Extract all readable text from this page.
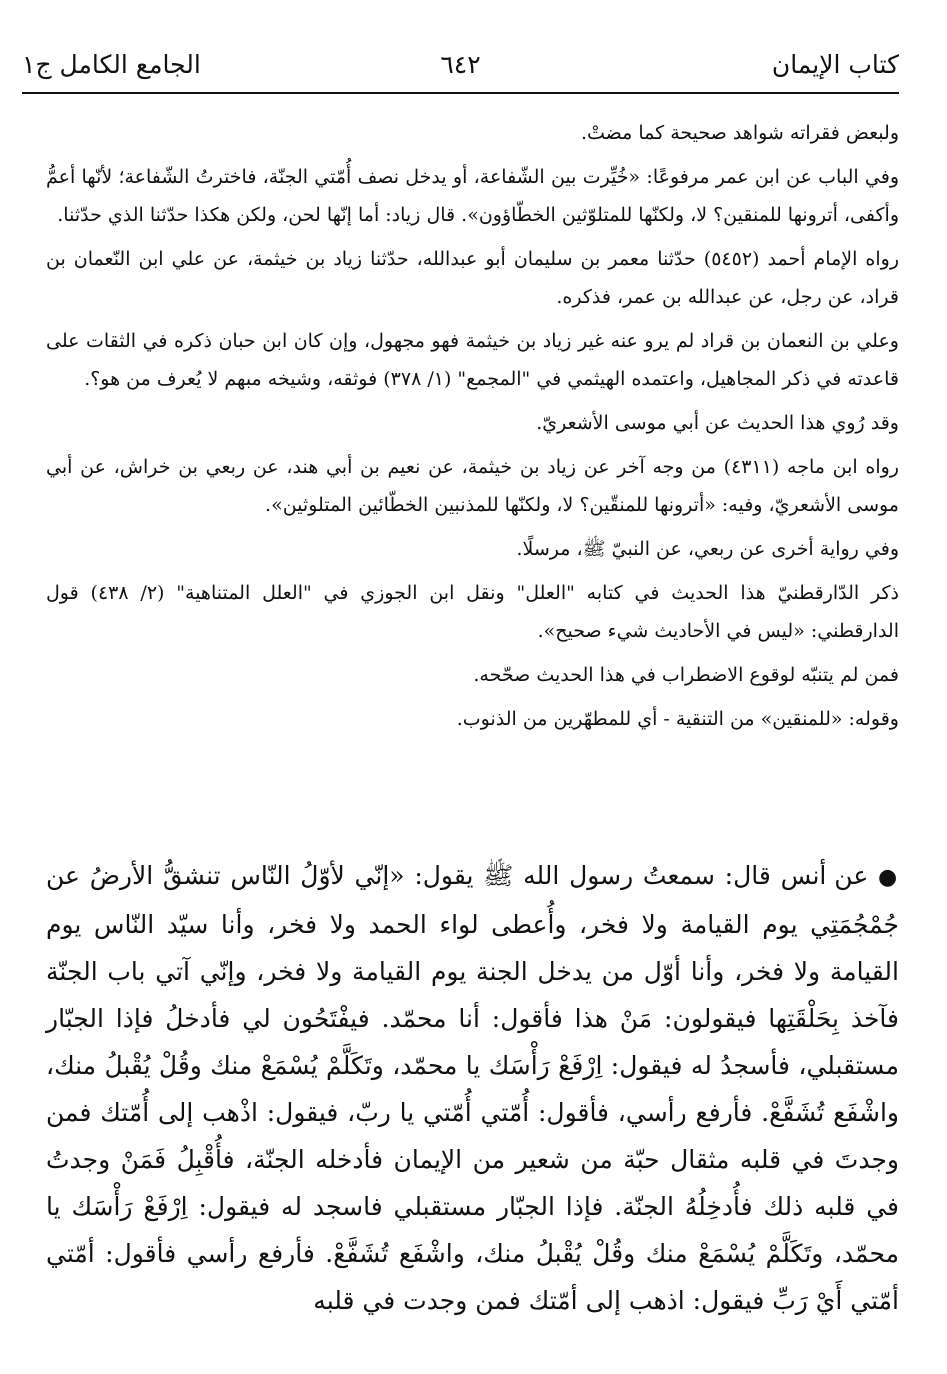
كتاب الإيمان
٦٤٢
الجامع الكامل ج١

ولبعض فقراته شواهد صحيحة كما مضتْ.

وفي الباب عن ابن عمر مرفوعًا: «خُيِّرت بين الشّفاعة، أو يدخل نصف أُمّتي الجنّة، فاخترتُ الشّفاعة؛ لأنّها أعمُّ وأكفى، أترونها للمنقين؟ لا، ولكنّها للمتلوّثين الخطّاؤون». قال زياد: أما إنّها لحن، ولكن هكذا حدّثنا الذي حدّثنا.

رواه الإمام أحمد (٥٤٥٢) حدّثنا معمر بن سليمان أبو عبدالله، حدّثنا زياد بن خيثمة، عن علي ابن النّعمان بن قراد، عن رجل، عن عبدالله بن عمر، فذكره.

وعلي بن النعمان بن قراد لم يرو عنه غير زياد بن خيثمة فهو مجهول، وإن كان ابن حبان ذكره في الثقات على قاعدته في ذكر المجاهيل، واعتمده الهيثمي في "المجمع" (١/ ٣٧٨) فوثقه، وشيخه مبهم لا يُعرف من هو؟.

وقد رُوي هذا الحديث عن أبي موسى الأشعريّ.

رواه ابن ماجه (٤٣١١) من وجه آخر عن زياد بن خيثمة، عن نعيم بن أبي هند، عن ربعي بن خراش، عن أبي موسى الأشعريّ، وفيه: «أترونها للمنقّين؟ لا، ولكنّها للمذنبين الخطّائين المتلوثين».

وفي رواية أخرى عن ربعي، عن النبيّ ﷺ، مرسلًا.

ذكر الدّارقطنيّ هذا الحديث في كتابه "العلل" ونقل ابن الجوزي في "العلل المتناهية" (٢/ ٤٣٨) قول الدارقطني: «ليس في الأحاديث شيء صحيح».

فمن لم يتنبّه لوقوع الاضطراب في هذا الحديث صحّحه.

وقوله: «للمنقين» من التنقية - أي للمطهّرين من الذنوب.

● عن أنس قال: سمعتُ رسول الله ﷺ يقول: «إنّي لأوّلُ النّاس تنشقُّ الأرضُ عن جُمْجُمَتِي يوم القيامة ولا فخر، وأُعطى لواء الحمد ولا فخر، وأنا سيّد النّاس يوم القيامة ولا فخر، وأنا أوّل من يدخل الجنة يوم القيامة ولا فخر، وإنّي آتي باب الجنّة فآخذ بِحَلْقَتِها فيقولون: مَنْ هذا فأقول: أنا محمّد. فيفْتَحُون لي فأدخلُ فإذا الجبّار مستقبلي، فأسجدُ له فيقول: اِرْفَعْ رَأْسَك يا محمّد، وتَكَلَّمْ يُسْمَعْ منك وقُلْ يُقْبلُ منك، واشْفَع تُشَفَّعْ. فأرفع رأسي، فأقول: أُمّتي أُمّتي يا ربّ، فيقول: اذْهب إلى أُمّتك فمن وجدتَ في قلبه مثقال حبّة من شعير من الإيمان فأدخله الجنّة، فأُقْبِلُ فَمَنْ وجدتُ في قلبه ذلك فأُدخِلُهُ الجنّة. فإذا الجبّار مستقبلي فاسجد له فيقول: اِرْفَعْ رَأْسَك يا محمّد، وتَكَلَّمْ يُسْمَعْ منك وقُلْ يُقْبلُ منك، واشْفَع تُشَفَّعْ. فأرفع رأسي فأقول: أمّتي أمّتي أَيْ رَبِّ فيقول: اذهب إلى أمّتك فمن وجدت في قلبه
